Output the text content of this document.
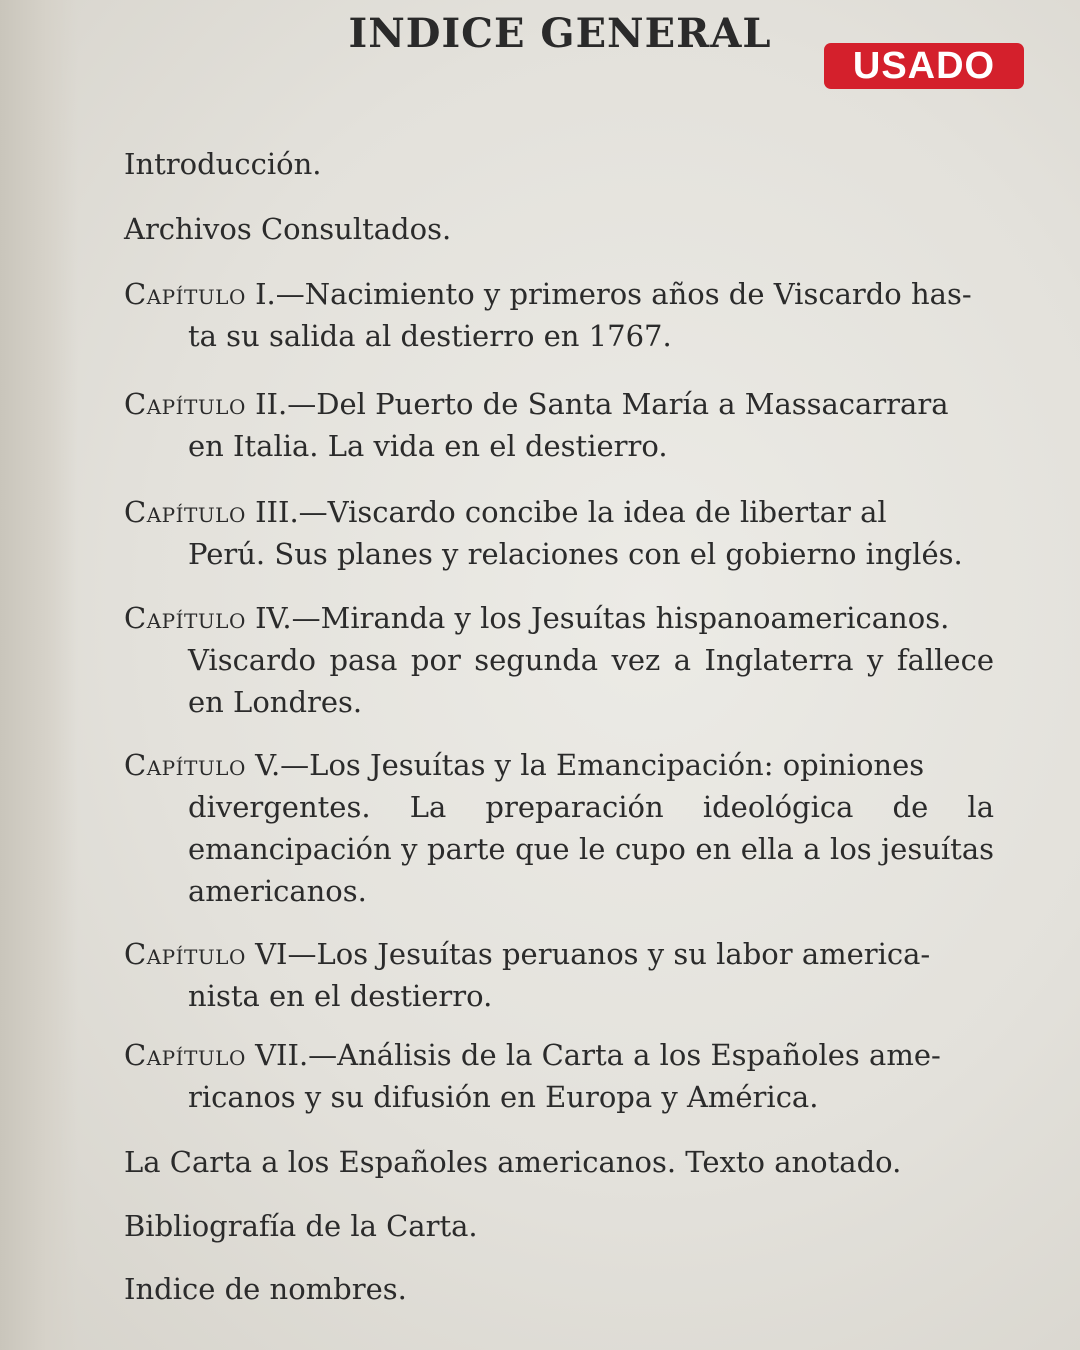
INDICE GENERAL
USADO
Introducción.
Archivos Consultados.
Capítulo I.—Nacimiento y primeros años de Viscardo has-
ta su salida al destierro en 1767.
Capítulo II.—Del Puerto de Santa María a Massacarrara
en Italia. La vida en el destierro.
Capítulo III.—Viscardo concibe la idea de libertar al
Perú. Sus planes y relaciones con el gobierno inglés.
Capítulo IV.—Miranda y los Jesuítas hispanoamericanos.
Viscardo pasa por segunda vez a Inglaterra y fallece en Londres.
Capítulo V.—Los Jesuítas y la Emancipación: opiniones
divergentes. La preparación ideológica de la emancipación y parte que le cupo en ella a los jesuítas americanos.
Capítulo VI—Los Jesuítas peruanos y su labor america-
nista en el destierro.
Capítulo VII.—Análisis de la Carta a los Españoles ame-
ricanos y su difusión en Europa y América.
La Carta a los Españoles americanos. Texto anotado.
Bibliografía de la Carta.
Indice de nombres.
